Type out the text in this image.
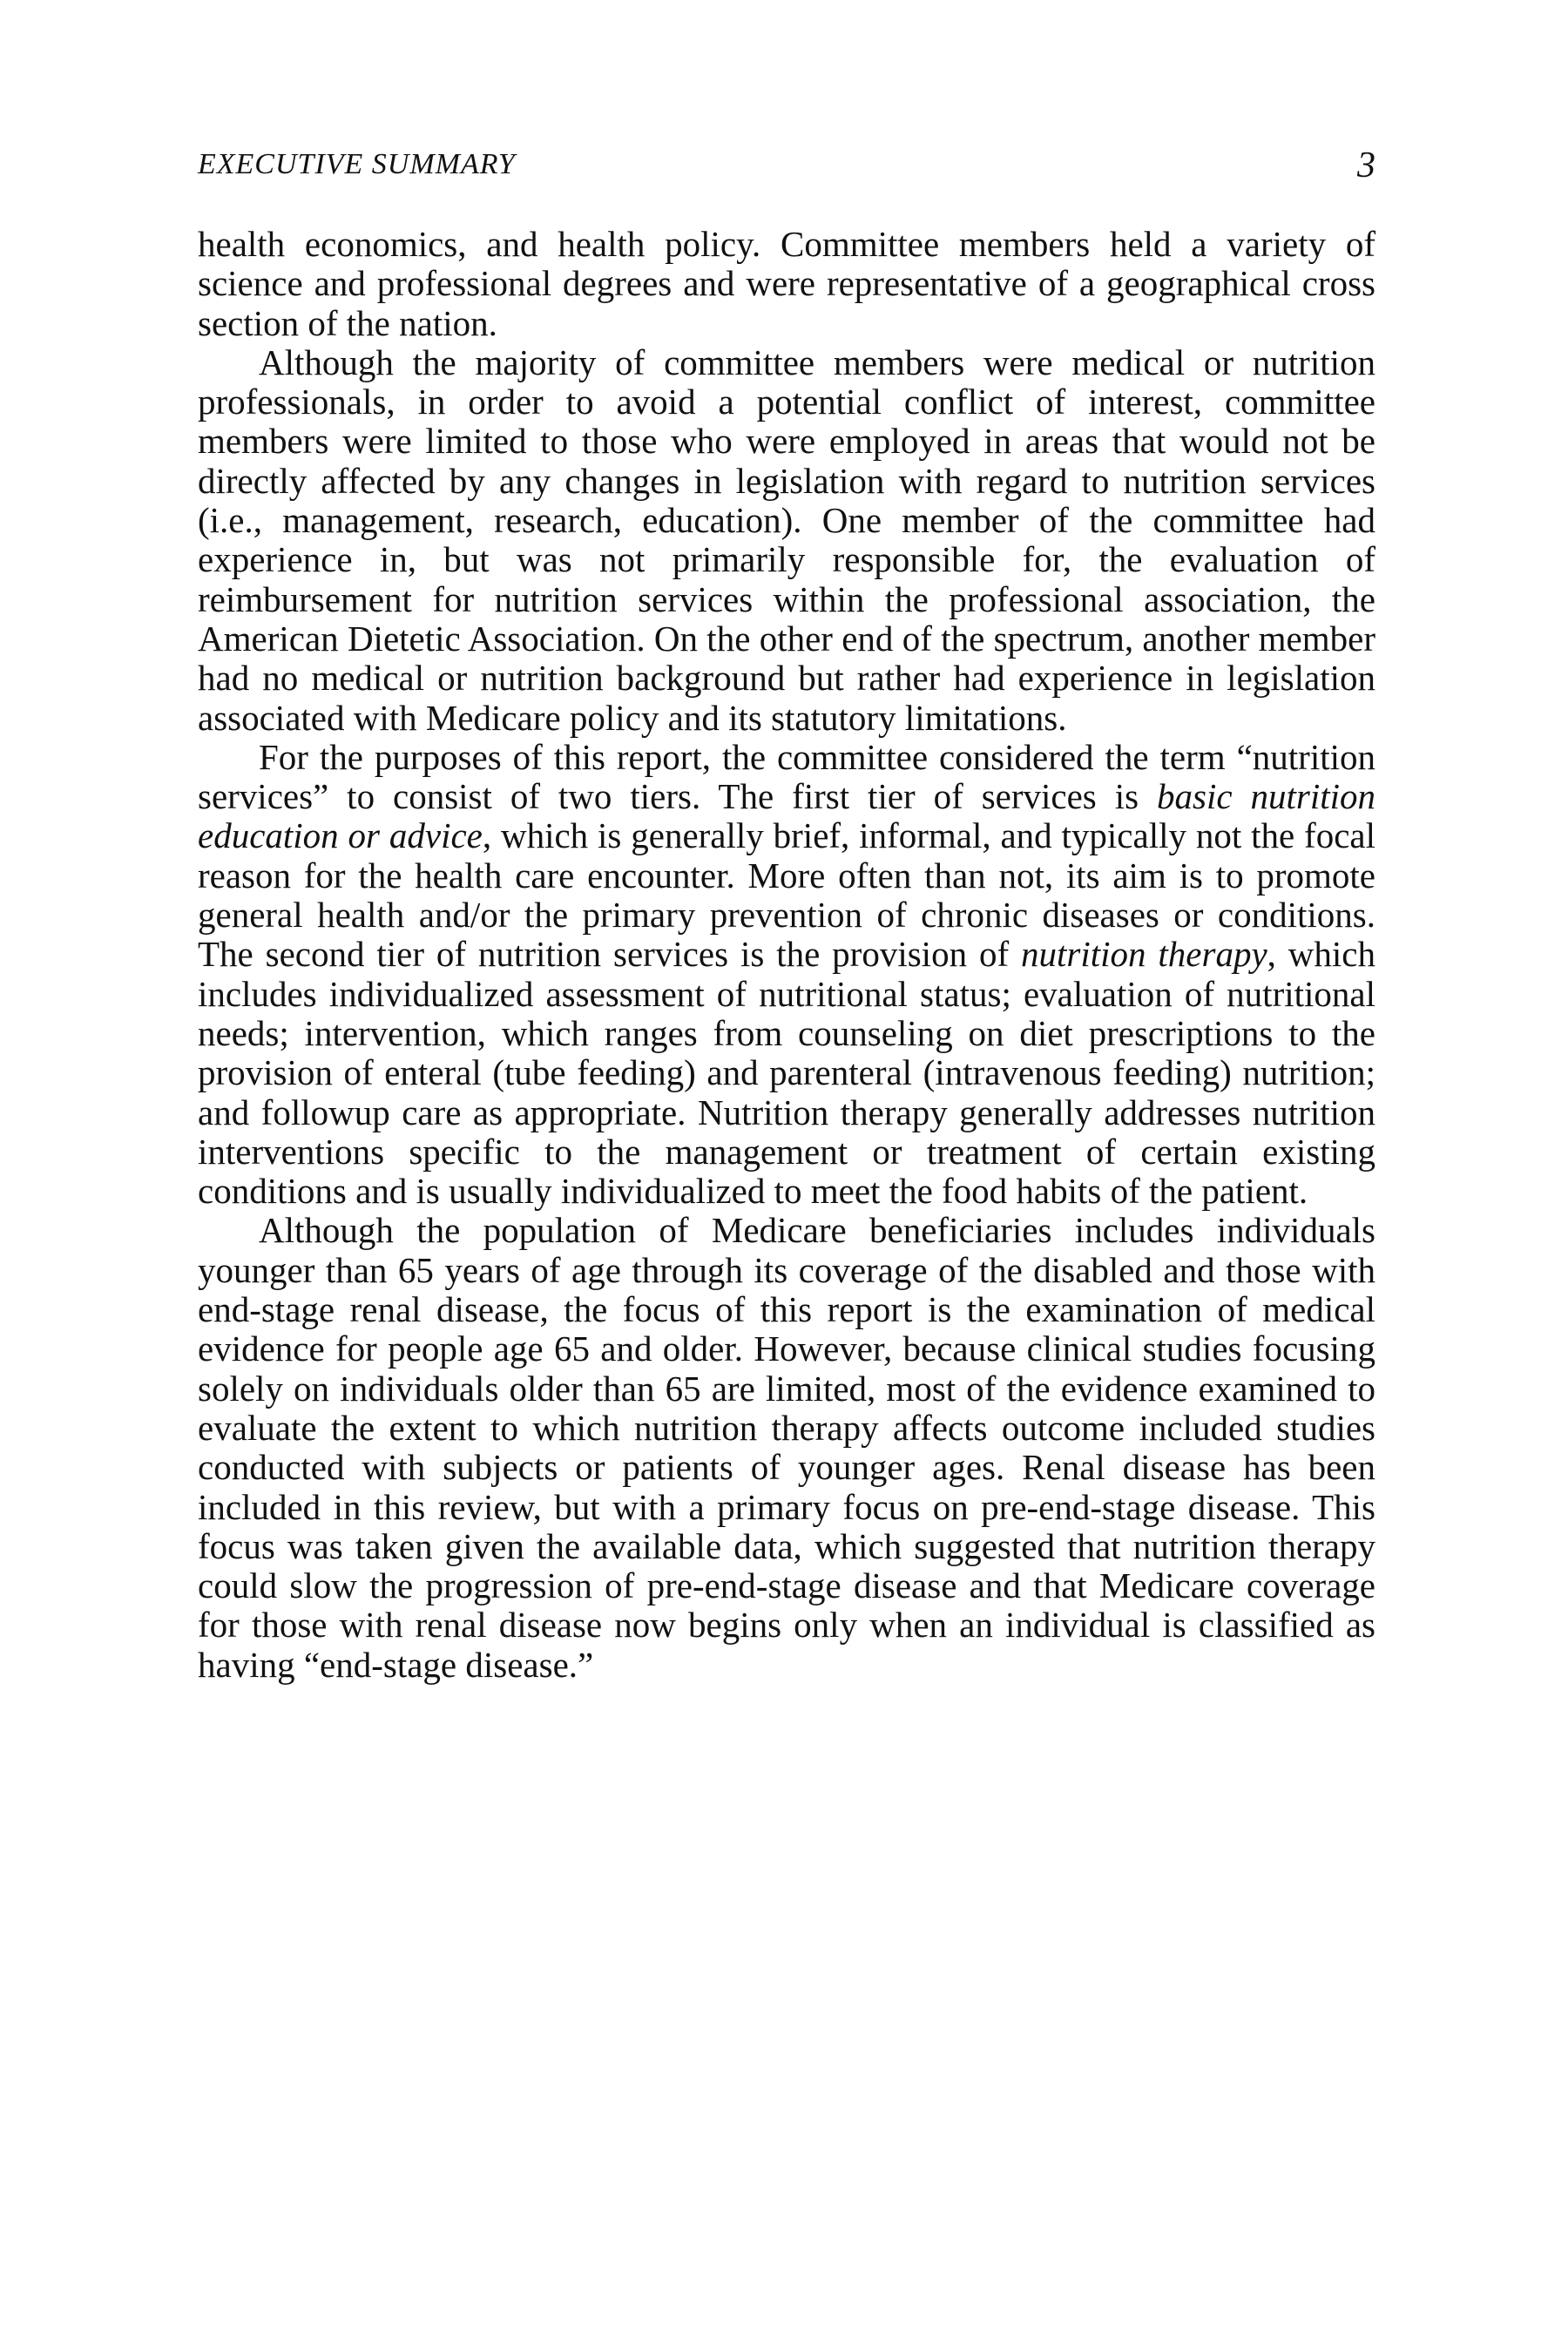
EXECUTIVE SUMMARY	3

health economics, and health policy. Committee members held a variety of science and professional degrees and were representative of a geographical cross section of the nation.

Although the majority of committee members were medical or nutrition professionals, in order to avoid a potential conflict of interest, committee members were limited to those who were employed in areas that would not be directly affected by any changes in legislation with regard to nutrition services (i.e., management, research, education). One member of the committee had experience in, but was not primarily responsible for, the evaluation of reimbursement for nutrition services within the professional association, the American Dietetic Association. On the other end of the spectrum, another member had no medical or nutrition background but rather had experience in legislation associated with Medicare policy and its statutory limitations.

For the purposes of this report, the committee considered the term “nutrition services” to consist of two tiers. The first tier of services is basic nutrition education or advice, which is generally brief, informal, and typically not the focal reason for the health care encounter. More often than not, its aim is to promote general health and/or the primary prevention of chronic diseases or conditions. The second tier of nutrition services is the provision of nutrition therapy, which includes individualized assessment of nutritional status; evaluation of nutritional needs; intervention, which ranges from counseling on diet prescriptions to the provision of enteral (tube feeding) and parenteral (intravenous feeding) nutrition; and followup care as appropriate. Nutrition therapy generally addresses nutrition interventions specific to the management or treatment of certain existing conditions and is usually individualized to meet the food habits of the patient.

Although the population of Medicare beneficiaries includes individuals younger than 65 years of age through its coverage of the disabled and those with end-stage renal disease, the focus of this report is the examination of medical evidence for people age 65 and older. However, because clinical studies focusing solely on individuals older than 65 are limited, most of the evidence examined to evaluate the extent to which nutrition therapy affects outcome included studies conducted with subjects or patients of younger ages. Renal disease has been included in this review, but with a primary focus on pre-end-stage disease. This focus was taken given the available data, which suggested that nutrition therapy could slow the progression of pre-end-stage disease and that Medicare coverage for those with renal disease now begins only when an individual is classified as having “end-stage disease.”
